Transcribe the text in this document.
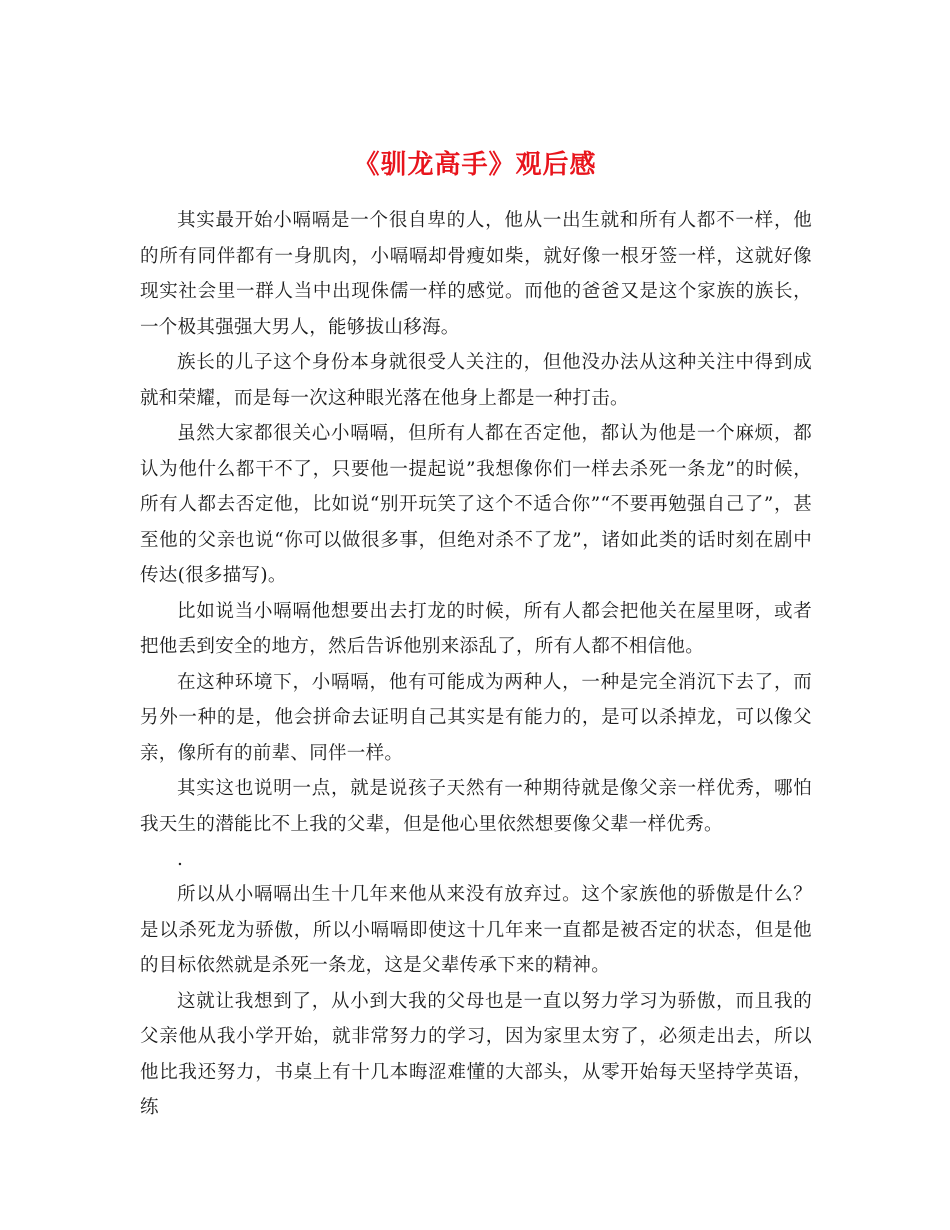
《驯龙高手》观后感

其实最开始小嗝嗝是一个很自卑的人，他从一出生就和所有人都不一样，他的所有同伴都有一身肌肉，小嗝嗝却骨瘦如柴，就好像一根牙签一样，这就好像现实社会里一群人当中出现侏儒一样的感觉。而他的爸爸又是这个家族的族长，一个极其强强大男人，能够拔山移海。

族长的儿子这个身份本身就很受人关注的，但他没办法从这种关注中得到成就和荣耀，而是每一次这种眼光落在他身上都是一种打击。

虽然大家都很关心小嗝嗝，但所有人都在否定他，都认为他是一个麻烦，都认为他什么都干不了，只要他一提起说”我想像你们一样去杀死一条龙”的时候，所有人都去否定他，比如说“别开玩笑了这个不适合你”“不要再勉强自己了”，甚至他的父亲也说“你可以做很多事，但绝对杀不了龙”，诸如此类的话时刻在剧中传达(很多描写)。

比如说当小嗝嗝他想要出去打龙的时候，所有人都会把他关在屋里呀，或者把他丢到安全的地方，然后告诉他别来添乱了，所有人都不相信他。

在这种环境下，小嗝嗝，他有可能成为两种人，一种是完全消沉下去了，而另外一种的是，他会拼命去证明自己其实是有能力的，是可以杀掉龙，可以像父亲，像所有的前辈、同伴一样。

其实这也说明一点，就是说孩子天然有一种期待就是像父亲一样优秀，哪怕我天生的潜能比不上我的父辈，但是他心里依然想要像父辈一样优秀。

.

所以从小嗝嗝出生十几年来他从来没有放弃过。这个家族他的骄傲是什么？是以杀死龙为骄傲，所以小嗝嗝即使这十几年来一直都是被否定的状态，但是他的目标依然就是杀死一条龙，这是父辈传承下来的精神。

这就让我想到了，从小到大我的父母也是一直以努力学习为骄傲，而且我的父亲他从我小学开始，就非常努力的学习，因为家里太穷了，必须走出去，所以他比我还努力，书桌上有十几本晦涩难懂的大部头，从零开始每天坚持学英语，练
